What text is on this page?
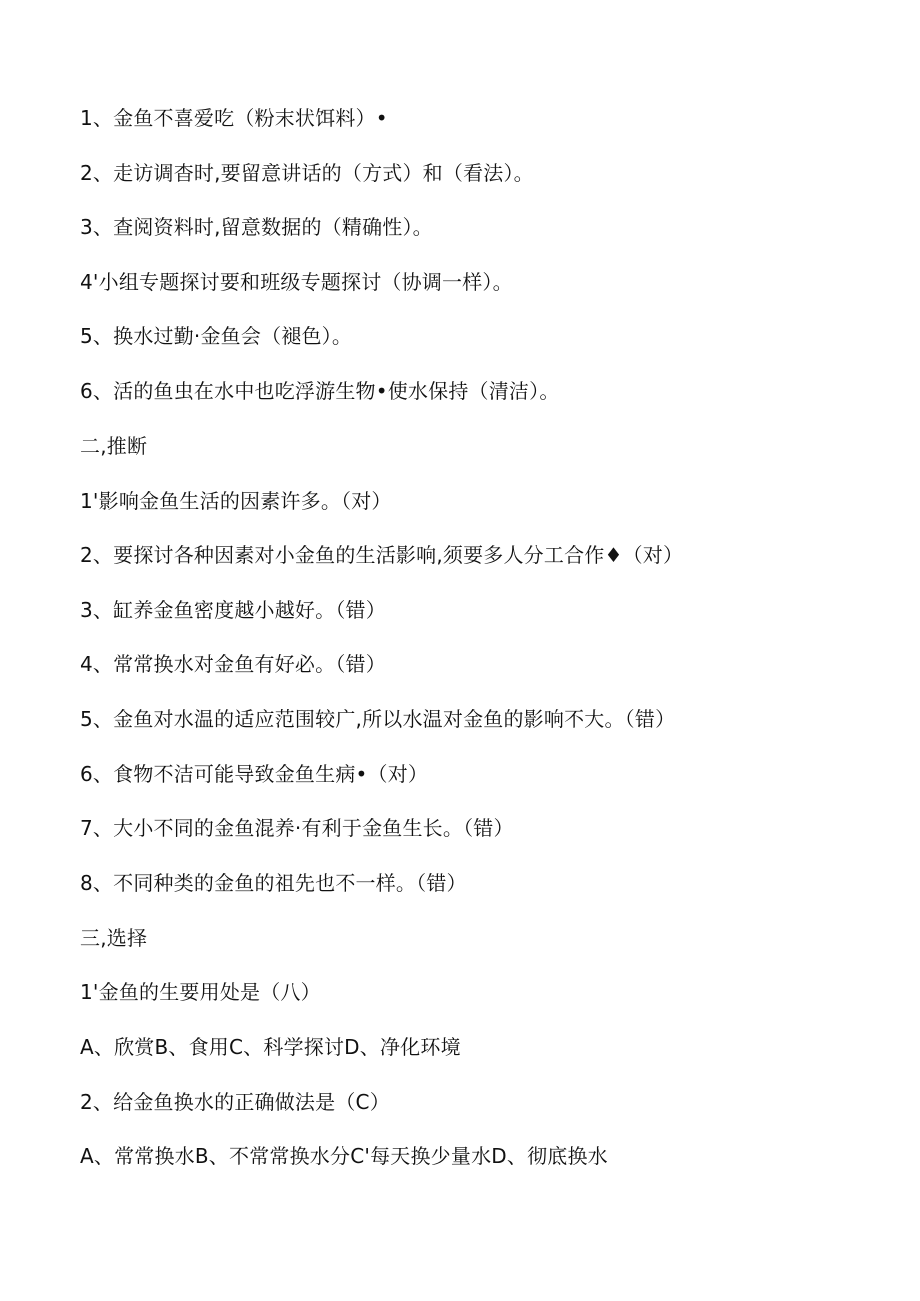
1、金鱼不喜爱吃（粉末状饵料）•

2、走访调杳时,要留意讲话的（方式）和（看法）。

3、查阅资料时,留意数据的（精确性）。

4'小组专题探讨要和班级专题探讨（协调一样）。

5、换水过勤·金鱼会（褪色）。

6、活的鱼虫在水中也吃浮游生物•使水保持（清洁）。

二,推断

1'影响金鱼生活的因素许多。（对）

2、要探讨各种因素对小金鱼的生活影响,须要多人分工合作♦（对）

3、缸养金鱼密度越小越好。（错）

4、常常换水对金鱼有好必。（错）

5、金鱼对水温的适应范围较广,所以水温对金鱼的影响不大。（错）

6、食物不洁可能导致金鱼生病•（对）

7、大小不同的金鱼混养·有利于金鱼生长。（错）

8、不同种类的金鱼的祖先也不一样。（错）

三,选择

1'金鱼的生要用处是（八）

A、欣赏B、食用C、科学探讨D、净化环境

2、给金鱼换水的正确做法是（C）

A、常常换水B、不常常换水分C'每天换少量水D、彻底换水
